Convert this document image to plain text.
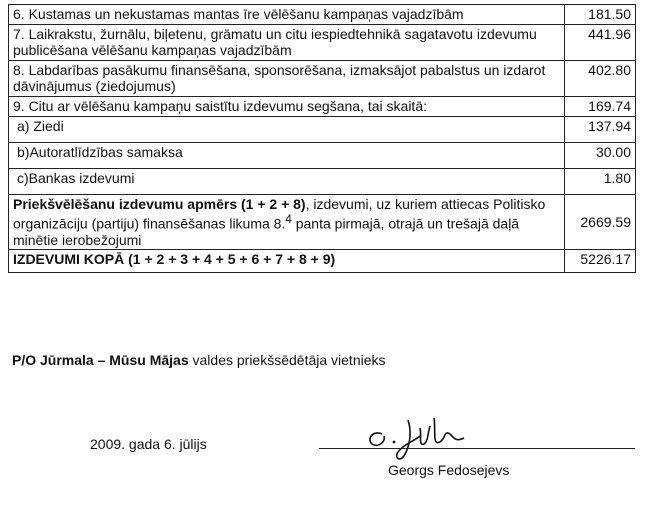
6. Kustamas un nekustamas mantas īre vēlēšanu kampaņas vajadzībām	181.50
7. Laikrakstu, žurnālu, biļetenu, grāmatu un citu iespiedtehnikā sagatavotu izdevumu publicēšana vēlēšanu kampaņas vajadzībām	441.96
8. Labdarības pasākumu finansēšana, sponsorēšana, izmaksājot pabalstus un izdarot dāvinājumus (ziedojumus)	402.80
9. Citu ar vēlēšanu kampaņu saistītu izdevumu segšana, tai skaitā:	169.74
a) Ziedi	137.94
b)Autoratlīdzības samaksa	30.00
c)Bankas izdevumi	1.80
Priekšvēlēšanu izdevumu apmērs (1 + 2 + 8), izdevumi, uz kuriem attiecas Politisko organizāciju (partiju) finansēšanas likuma 8.$^4$ panta pirmajā, otrajā un trešajā daļā minētie ierobežojumi	2669.59
IZDEVUMI KOPĀ (1 + 2 + 3 + 4 + 5 + 6 + 7 + 8 + 9)	5226.17
P/O Jūrmala – Mūsu Mājas valdes priekšsēdētāja vietnieks
2009. gada 6. jūlijs
Georgs Fedosejevs
